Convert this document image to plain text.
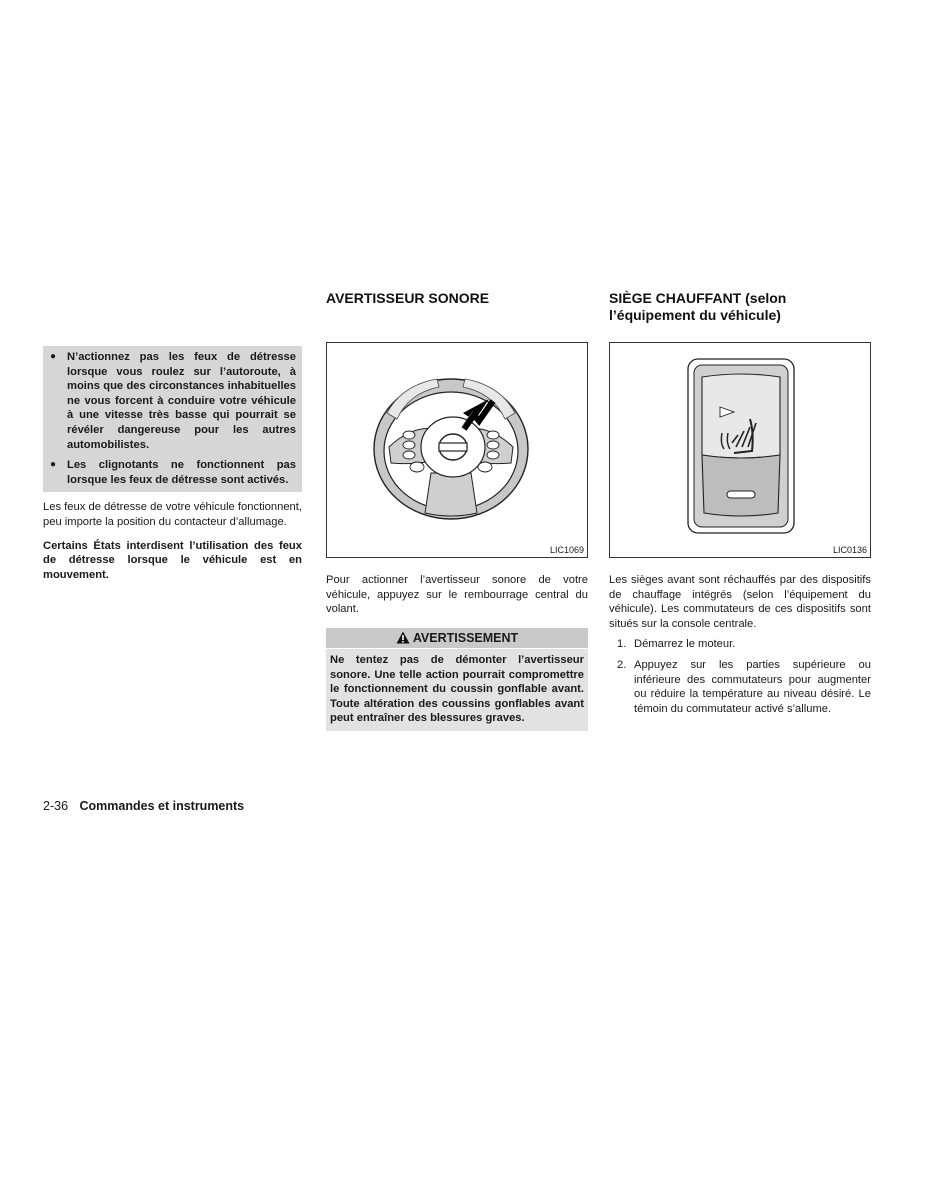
● N’actionnez pas les feux de détresse lorsque vous roulez sur l’autoroute, à moins que des circonstances inhabituelles ne vous forcent à conduire votre véhicule à une vitesse très basse qui pourrait se révéler dangereuse pour les autres automobilistes.
● Les clignotants ne fonctionnent pas lorsque les feux de détresse sont activés.

Les feux de détresse de votre véhicule fonctionnent, peu importe la position du contacteur d’allumage.

Certains États interdisent l’utilisation des feux de détresse lorsque le véhicule est en mouvement.

AVERTISSEUR SONORE
LIC1069

Pour actionner l’avertisseur sonore de votre véhicule, appuyez sur le rembourrage central du volant.

AVERTISSEMENT
Ne tentez pas de démonter l’avertisseur sonore. Une telle action pourrait compromettre le fonctionnement du coussin gonflable avant. Toute altération des coussins gonflables avant peut entraîner des blessures graves.
SIÈGE CHAUFFANT (selon
l’équipement du véhicule)
LIC0136

Les sièges avant sont réchauffés par des dispositifs de chauffage intégrés (selon l’équipement du véhicule). Les commutateurs de ces dispositifs sont situés sur la console centrale.

1. Démarrez le moteur.
2. Appuyez sur les parties supérieure ou inférieure des commutateurs pour augmenter ou réduire la température au niveau désiré. Le témoin du commutateur activé s’allume.
2-36 Commandes et instruments
